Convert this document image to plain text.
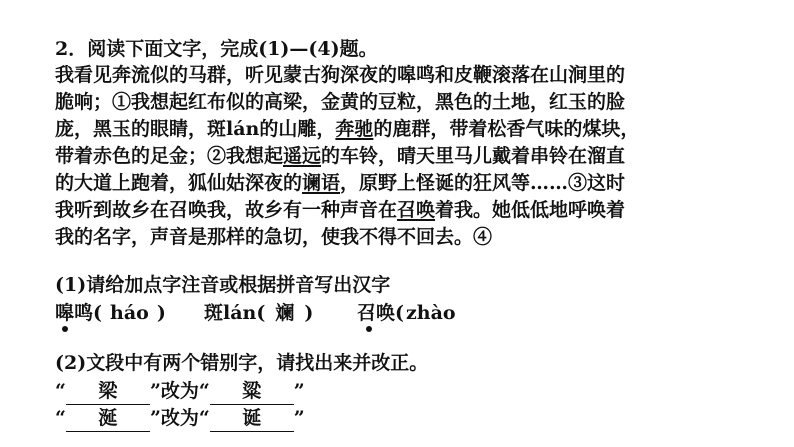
2．阅读下面文字，完成(1)—(4)题。
我看见奔流似的马群，听见蒙古狗深夜的嗥鸣和皮鞭滚落在山涧里的
脆响；①我想起红布似的高梁，金黄的豆粒，黑色的土地，红玉的脸
庞，黑玉的眼睛，斑lán的山雕，奔驰的鹿群，带着松香气味的煤块，
带着赤色的足金；②我想起遥远的车铃，晴天里马儿戴着串铃在溜直
的大道上跑着，狐仙姑深夜的谰语，原野上怪诞的狂风等……③这时
我听到故乡在召唤我，故乡有一种声音在召唤着我。她低低地呼唤着
我的名字，声音是那样的急切，使我不得不回去。④
(1)请给加点字注音或根据拼音写出汉字
嗥鸣( háo ) 斑lán( 斓 ) 召唤( zhào
(2)文段中有两个错别字，请找出来并改正。
“ 梁 ”改为“ 粱 ”
“ 涎 ”改为“ 诞 ”
